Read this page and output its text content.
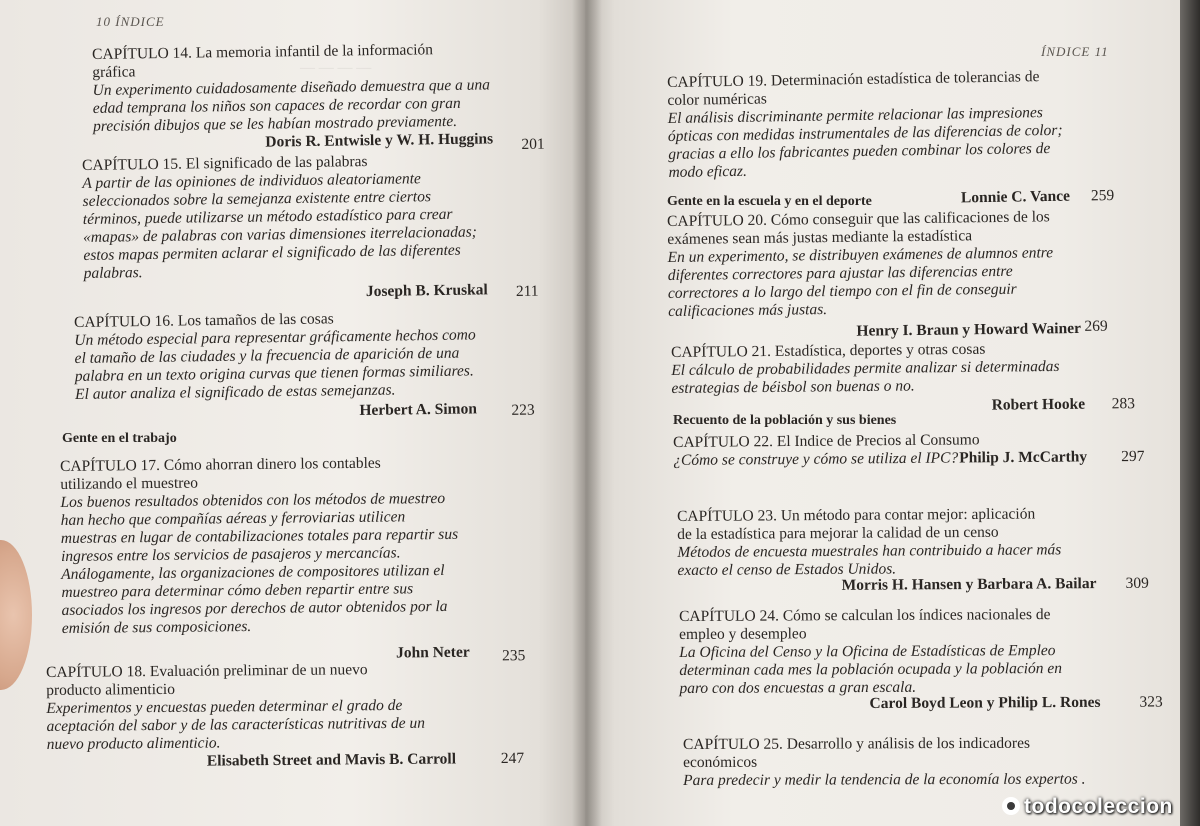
10 ÍNDICE
— — — —
CAPÍTULO 14. La memoria infantil de la información
gráfica
Un experimento cuidadosamente diseñado demuestra que a una
edad temprana los niños son capaces de recordar con gran
precisión dibujos que se les habían mostrado previamente.
Doris R. Entwisle y W. H. Huggins 201
CAPÍTULO 15. El significado de las palabras
A partir de las opiniones de individuos aleatoriamente
seleccionados sobre la semejanza existente entre ciertos
términos, puede utilizarse un método estadístico para crear
«mapas» de palabras con varias dimensiones iterrelacionadas;
estos mapas permiten aclarar el significado de las diferentes
palabras.
Joseph B. Kruskal 211
CAPÍTULO 16. Los tamaños de las cosas
Un método especial para representar gráficamente hechos como
el tamaño de las ciudades y la frecuencia de aparición de una
palabra en un texto origina curvas que tienen formas similiares.
El autor analiza el significado de estas semejanzas.
Herbert A. Simon 223
Gente en el trabajo
CAPÍTULO 17. Cómo ahorran dinero los contables
utilizando el muestreo
Los buenos resultados obtenidos con los métodos de muestreo
han hecho que compañías aéreas y ferroviarias utilicen
muestras en lugar de contabilizaciones totales para repartir sus
ingresos entre los servicios de pasajeros y mercancías.
Análogamente, las organizaciones de compositores utilizan el
muestreo para determinar cómo deben repartir entre sus
asociados los ingresos por derechos de autor obtenidos por la
emisión de sus composiciones.
John Neter 235
CAPÍTULO 18. Evaluación preliminar de un nuevo
producto alimenticio
Experimentos y encuestas pueden determinar el grado de
aceptación del sabor y de las características nutritivas de un
nuevo producto alimenticio.
Elisabeth Street and Mavis B. Carroll	247
ÍNDICE 11
CAPÍTULO 19. Determinación estadística de tolerancias de
color numéricas
El análisis discriminante permite relacionar las impresiones
ópticas con medidas instrumentales de las diferencias de color;
gracias a ello los fabricantes pueden combinar los colores de
modo eficaz.
Lonnie C. Vance 259
Gente en la escuela y en el deporte
CAPÍTULO 20. Cómo conseguir que las calificaciones de los
exámenes sean más justas mediante la estadística
En un experimento, se distribuyen exámenes de alumnos entre
diferentes correctores para ajustar las diferencias entre
correctores a lo largo del tiempo con el fin de conseguir
calificaciones más justas.
Henry I. Braun y Howard Wainer 269
CAPÍTULO 21. Estadística, deportes y otras cosas
El cálculo de probabilidades permite analizar si determinadas
estrategias de béisbol son buenas o no.
Robert Hooke 283
Recuento de la población y sus bienes
CAPÍTULO 22. El Indice de Precios al Consumo
¿Cómo se construye y cómo se utiliza el IPC? Philip J. McCarthy 297
CAPÍTULO 23. Un método para contar mejor: aplicación
de la estadística para mejorar la calidad de un censo
Métodos de encuesta muestrales han contribuido a hacer más
exacto el censo de Estados Unidos.
Morris H. Hansen y Barbara A. Bailar 309
CAPÍTULO 24. Cómo se calculan los índices nacionales de
empleo y desempleo
La Oficina del Censo y la Oficina de Estadísticas de Empleo
determinan cada mes la población ocupada y la población en
paro con dos encuestas a gran escala.
Carol Boyd Leon y Philip L. Rones	323
CAPÍTULO 25. Desarrollo y análisis de los indicadores
económicos
Para predecir y medir la tendencia de la economía los expertos .
todocoleccion
